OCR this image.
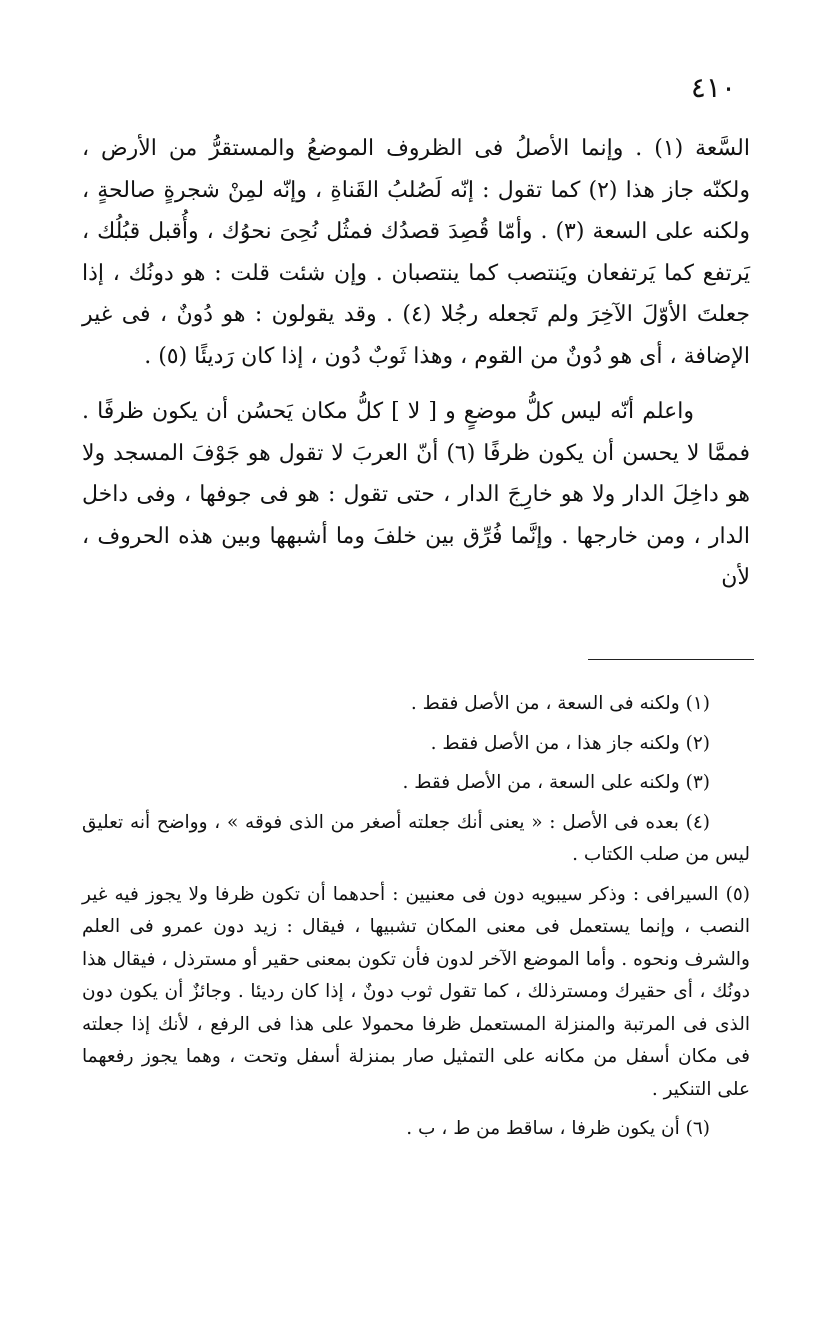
٤١٠

السَّعة (١) . وإنما الأصلُ فى الظروف الموضعُ والمستقرُّ من الأرض ، ولكنّه جاز هذا (٢) كما تقول : إنّه لَصُلبُ القَناةِ ، وإنّه لمِنْ شجرةٍ صالحةٍ ، ولكنه على السعة (٣) . وأمّا قُصِدَ قصدُك فمثُل نُحِىَ نحوُك ، وأُقبل قبُلُك ، يَرتفع كما يَرتفعان ويَنتصب كما ينتصبان . وإن شئت قلت : هو دونُك ، إذا جعلتَ الأوّلَ الآخِرَ ولم تَجعله رجُلا (٤) . وقد يقولون : هو دُونٌ ، فى غير الإضافة ، أى هو دُونٌ من القوم ، وهذا ثَوبٌ دُون ، إذا كان رَديئًا (٥) .

واعلم أنّه ليس كلُّ موضعٍ و [ لا ] كلُّ مكان يَحسُن أن يكون ظرفًا . فممَّا لا يحسن أن يكون ظرفًا (٦) أنّ العربَ لا تقول هو جَوْفَ المسجد ولا هو داخِلَ الدار ولا هو خارِجَ الدار ، حتى تقول : هو فى جوفها ، وفى داخل الدار ، ومن خارجها . وإنَّما فُرِّق بين خلفَ وما أشبهها وبين هذه الحروف ، لأن

(١) ولكنه فى السعة ، من الأصل فقط .

(٢) ولكنه جاز هذا ، من الأصل فقط .

(٣) ولكنه على السعة ، من الأصل فقط .

(٤) بعده فى الأصل : « يعنى أنك جعلته أصغر من الذى فوقه » ، وواضح أنه تعليق ليس من صلب الكتاب .

(٥) السيرافى : وذكر سيبويه دون فى معنيين : أحدهما أن تكون ظرفا ولا يجوز فيه غير النصب ، وإنما يستعمل فى معنى المكان تشبيها ، فيقال : زيد دون عمرو فى العلم والشرف ونحوه . وأما الموضع الآخر لدون فأن تكون بمعنى حقير أو مسترذل ، فيقال هذا دونُك ، أى حقيرك ومسترذلك ، كما تقول ثوب دونٌ ، إذا كان رديئا . وجائزٌ أن يكون دون الذى فى المرتبة والمنزلة المستعمل ظرفا محمولا على هذا فى الرفع ، لأنك إذا جعلته فى مكان أسفل من مكانه على التمثيل صار بمنزلة أسفل وتحت ، وهما يجوز رفعهما على التنكير .

(٦) أن يكون ظرفا ، ساقط من ط ، ب .
